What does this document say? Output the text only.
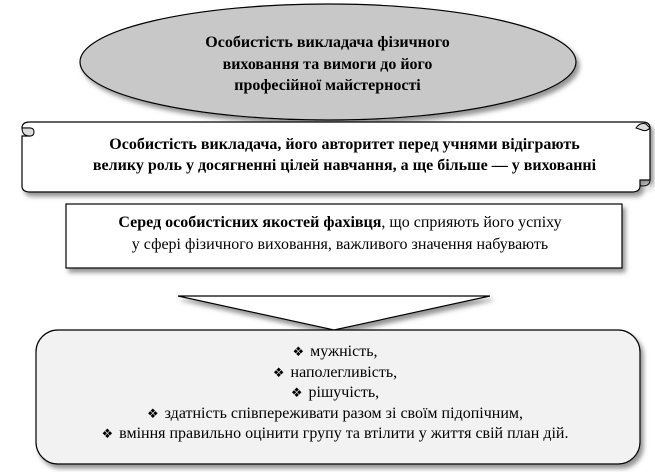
Особистість викладача фізичного
виховання та вимоги до його
професійної майстерності
Особистість викладача, його авторитет перед учнями відіграють
велику роль у досягненні цілей навчання, а ще більше — у вихованні
Серед особистісних якостей фахівця, що сприяють його успіху
у сфері фізичного виховання, важливого значення набувають
❖ мужність,
❖ наполегливість,
❖ рішучість,
❖ здатність співпереживати разом зі своїм підопічним,
❖ вміння правильно оцінити групу та втілити у життя свій план дій.
